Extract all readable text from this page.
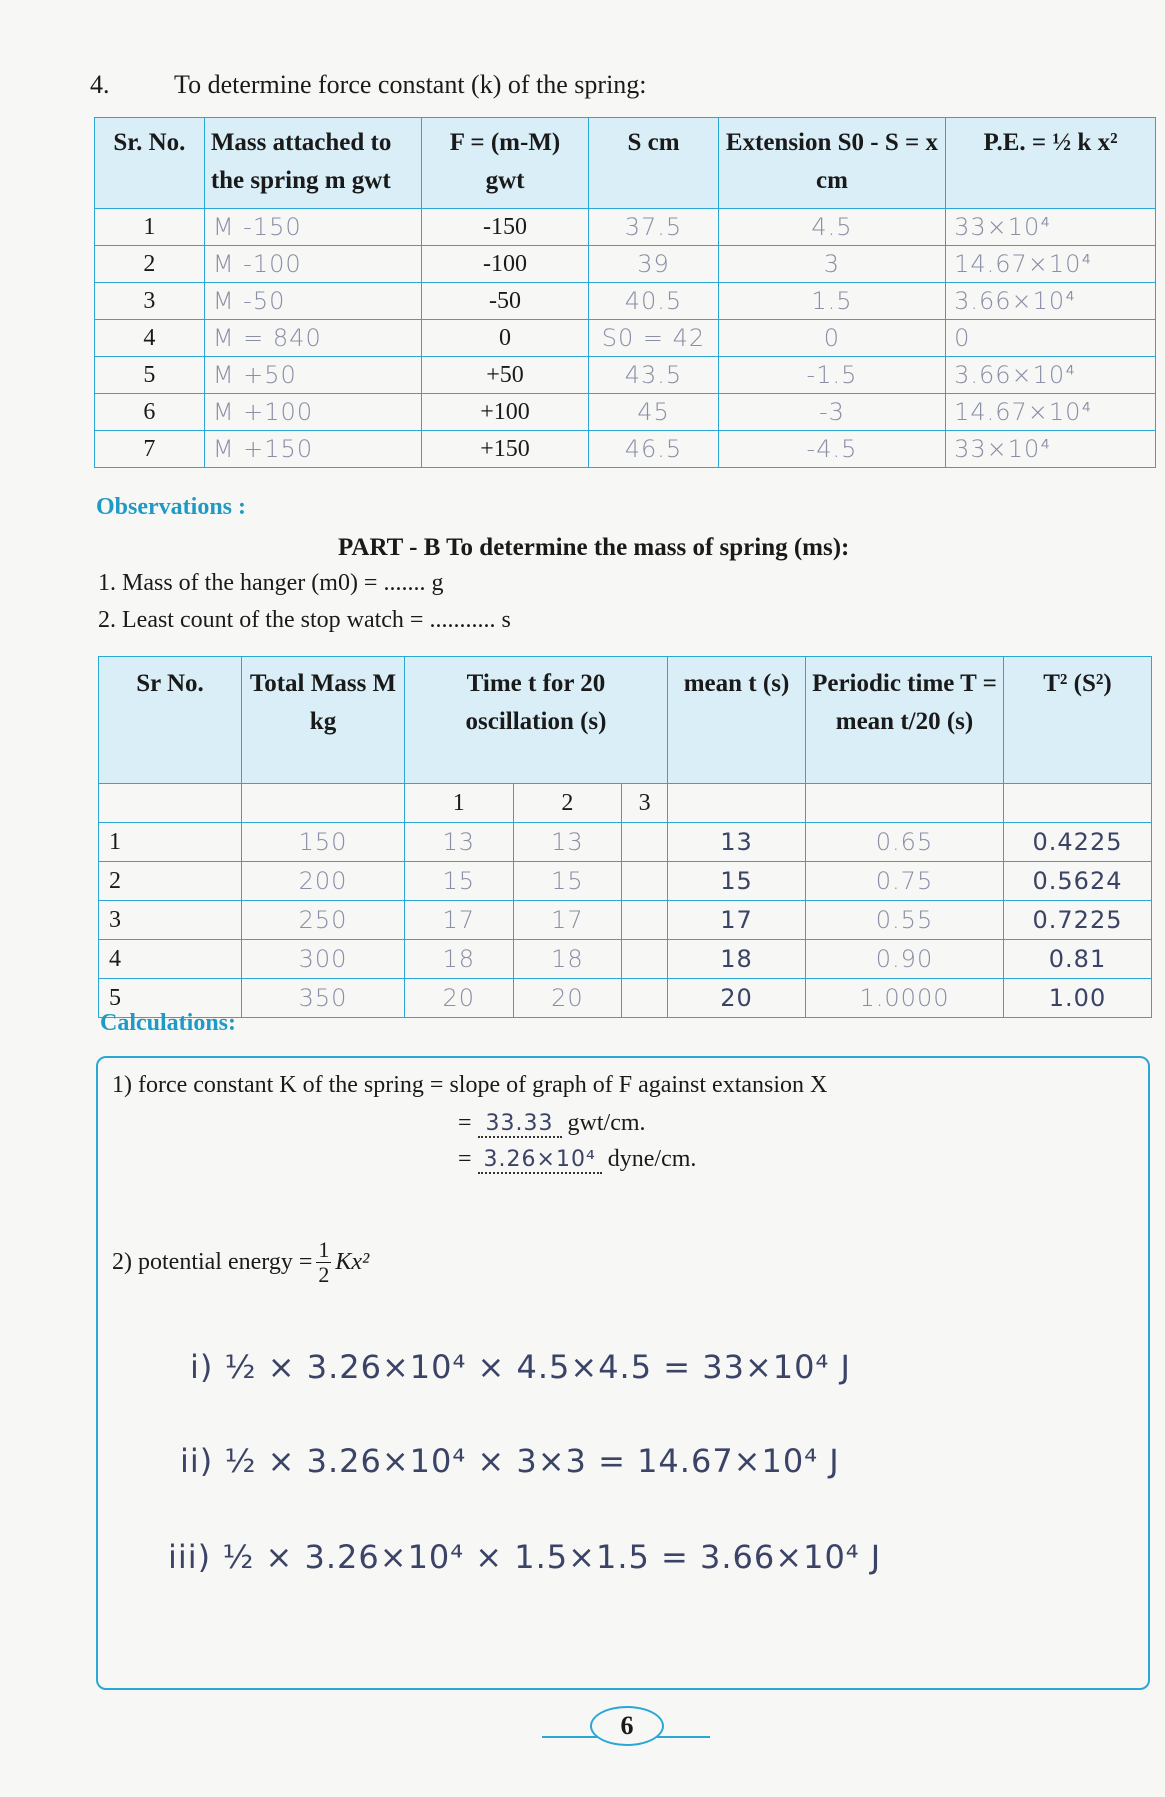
4. To determine force constant (k) of the spring:
Sr. No.	Mass attached to the spring m gwt	F = (m-M) gwt	S cm	Extension S0 - S = x cm	P.E. = ½ k x²
1	M -150	-150	37.5	4.5	33×10⁴
2	M -100	-100	39	3	14.67×10⁴
3	M -50	-50	40.5	1.5	3.66×10⁴
4	M = 840	0	S0 = 42	0	0
5	M +50	+50	43.5	-1.5	3.66×10⁴
6	M +100	+100	45	-3	14.67×10⁴
7	M +150	+150	46.5	-4.5	33×10⁴
Observations :
PART - B To determine the mass of spring (ms):
1. Mass of the hanger (m0) = ....... g
2. Least count of the stop watch = ........... s
Sr No.	Total Mass M kg	Time t for 20 oscillation (s)			mean t (s)	Periodic time T = mean t/20 (s)	T² (S²)
		1	2	3			
1	150	13	13		13	0.65	0.4225
2	200	15	15		15	0.75	0.5624
3	250	17	17		17	0.55	0.7225
4	300	18	18		18	0.90	0.81
5	350	20	20		20	1.0000	1.00
Calculations:
1) force constant K of the spring = slope of graph of F against extansion X
= 33.33 gwt/cm.
= 3.26×10⁴ dyne/cm.
2) potential energy = $\frac{1}{2} Kx^2$
i) ½ × 3.26×10⁴ × 4.5×4.5 = 33×10⁴ J
ii) ½ × 3.26×10⁴ × 3×3 = 14.67×10⁴ J
iii) ½ × 3.26×10⁴ × 1.5×1.5 = 3.66×10⁴ J
6
